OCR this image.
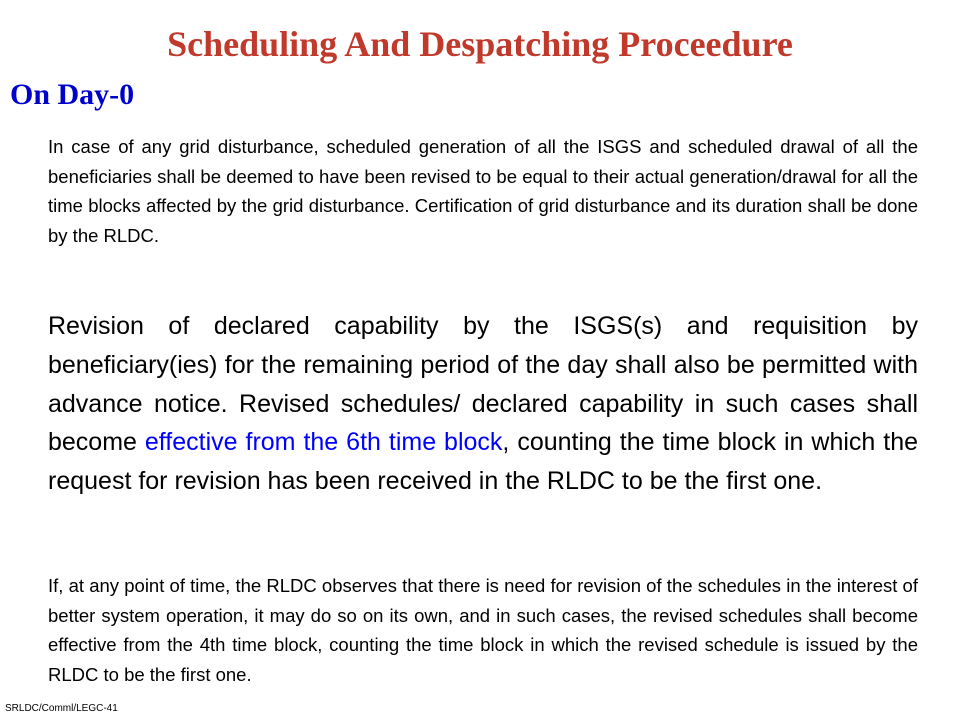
Scheduling And Despatching Proceedure
On Day-0

In case of any grid disturbance, scheduled generation of all the ISGS and scheduled drawal of all the beneficiaries shall be deemed to have been revised to be equal to their actual generation/drawal for all the time blocks affected by the grid disturbance. Certification of grid disturbance and its duration shall be done by the RLDC.

Revision of declared capability by the ISGS(s) and requisition by beneficiary(ies) for the remaining period of the day shall also be permitted with advance notice. Revised schedules/ declared capability in such cases shall become effective from the 6th time block, counting the time block in which the request for revision has been received in the RLDC to be the first one.

If, at any point of time, the RLDC observes that there is need for revision of the schedules in the interest of better system operation, it may do so on its own, and in such cases, the revised schedules shall become effective from the 4th time block, counting the time block in which the revised schedule is issued by the RLDC to be the first one.

SRLDC/Comml/LEGC-41
